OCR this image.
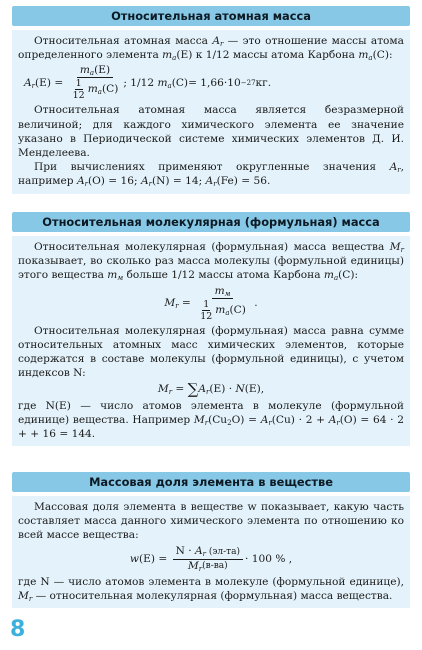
Относительная атомная масса

Относительная атомная масса $A_r$ — это отношение массы атома определенного элемента $m_a(E)$ к 1/12 массы атома Карбона $m_a(C)$:

$A_r$ $(E) = \frac{m_a(E)}{\frac{1}{12} m_a (C)}$ ; 1/12
$m_a$ (C) = 1,66·10 −27 кг.

Относительная атомная масса является безразмерной величиной; для каждого химического элемента ее значение указано в Периодической системе химических элементов Д. И. Менделеева.

При вычислениях применяют округленные значения $A_r$, например $A_r(O) = 16$; $A_r(N) = 14$; $A_r(Fe) = 56$.

Относительная молекулярная (формульная) масса

Относительная молекулярная (формульная) масса вещества $M_r$ показывает, во сколько раз масса молекулы (формульной единицы) этого вещества $m_м$ больше 1/12 массы атома Карбона $m_a(C)$:

$M_r = \frac{m_м}{\frac{1}{12} m_a (C)}$ .

Относительная молекулярная (формульная) масса равна сумме относительных атомных масс химических элементов, которые содержатся в составе молекулы (формульной единицы), с учетом индексов N:

$M_r$ = ∑ $A_r$ (E) · N (E),

где N(E) — число атомов элемента в молекуле (формульной единице) вещества. Например $M_r(Cu_2O) = A_r(Cu) \cdot 2 + A_r(O) = 64 \cdot 2$ + + 16 = 144.

Массовая доля элемента в веществе

Массовая доля элемента в веществе w показывает, какую часть составляет масса данного химического элемента по отношению ко всей массе вещества:

w $(E) = \frac{N \cdot A_r (эл-та)}{M_r (в-ва)} \cdot 100$ % ,

где N — число атомов элемента в молекуле (формульной единице), $M_r$ — относительная молекулярная (формульная) масса вещества.

8
